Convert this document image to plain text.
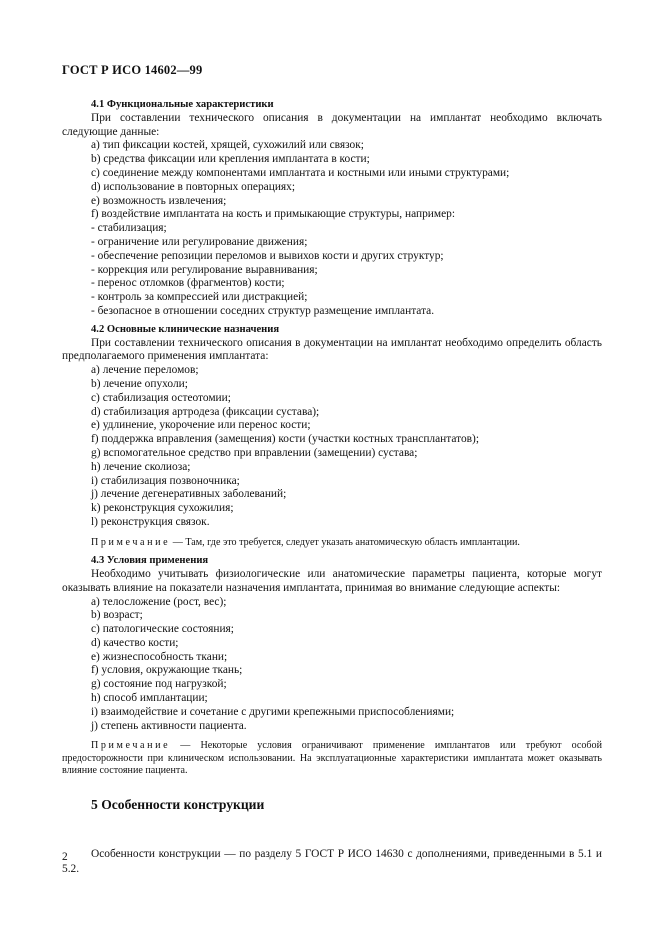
ГОСТ Р ИСО 14602—99
4.1 Функциональные характеристики
При составлении технического описания в документации на имплантат необходимо включать следующие данные:
a) тип фиксации костей, хрящей, сухожилий или связок;
b) средства фиксации или крепления имплантата в кости;
c) соединение между компонентами имплантата и костными или иными структурами;
d) использование в повторных операциях;
e) возможность извлечения;
f) воздействие имплантата на кость и примыкающие структуры, например:
- стабилизация;
- ограничение или регулирование движения;
- обеспечение репозиции переломов и вывихов кости и других структур;
- коррекция или регулирование выравнивания;
- перенос отломков (фрагментов) кости;
- контроль за компрессией или дистракцией;
- безопасное в отношении соседних структур размещение имплантата.
4.2 Основные клинические назначения
При составлении технического описания в документации на имплантат необходимо определить область предполагаемого применения имплантата:
a) лечение переломов;
b) лечение опухоли;
c) стабилизация остеотомии;
d) стабилизация артродеза (фиксации сустава);
e) удлинение, укорочение или перенос кости;
f) поддержка вправления (замещения) кости (участки костных трансплантатов);
g) вспомогательное средство при вправлении (замещении) сустава;
h) лечение сколиоза;
i) стабилизация позвоночника;
j) лечение дегенеративных заболеваний;
k) реконструкция сухожилия;
l) реконструкция связок.
Примечание — Там, где это требуется, следует указать анатомическую область имплантации.
4.3 Условия применения
Необходимо учитывать физиологические или анатомические параметры пациента, которые могут оказывать влияние на показатели назначения имплантата, принимая во внимание следующие аспекты:
a) телосложение (рост, вес);
b) возраст;
c) патологические состояния;
d) качество кости;
e) жизнеспособность ткани;
f) условия, окружающие ткань;
g) состояние под нагрузкой;
h) способ имплантации;
i) взаимодействие и сочетание с другими крепежными приспособлениями;
j) степень активности пациента.
Примечание — Некоторые условия ограничивают применение имплантатов или требуют особой предосторожности при клиническом использовании. На эксплуатационные характеристики имплантата может оказывать влияние состояние пациента.
5 Особенности конструкции
Особенности конструкции — по разделу 5 ГОСТ Р ИСО 14630 с дополнениями, приведенными в 5.1 и 5.2.
2
